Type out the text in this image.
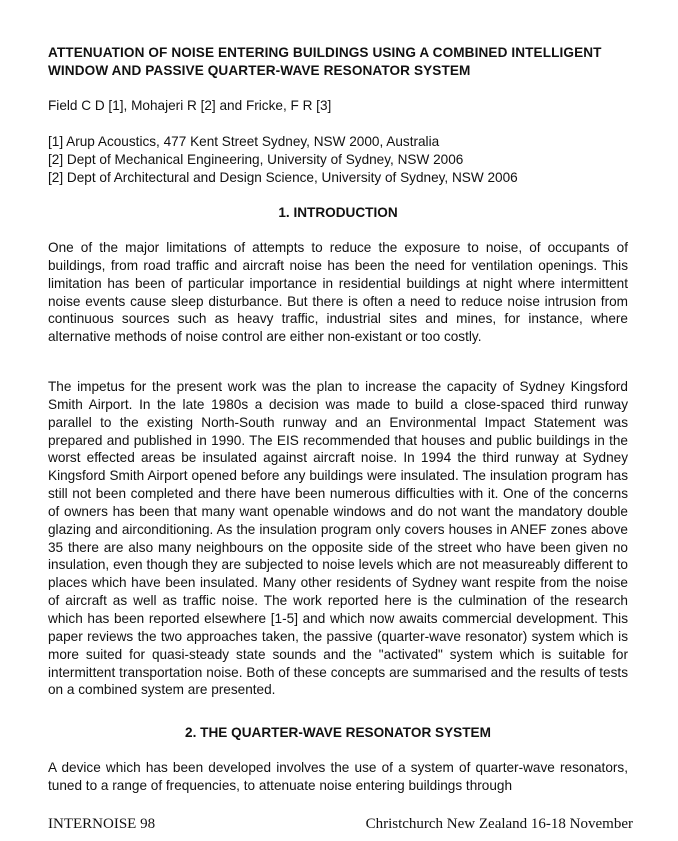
ATTENUATION OF NOISE ENTERING BUILDINGS USING A COMBINED INTELLIGENT WINDOW AND PASSIVE QUARTER-WAVE RESONATOR SYSTEM
Field C D [1], Mohajeri R [2] and Fricke, F R [3]
[1] Arup Acoustics, 477 Kent Street Sydney, NSW 2000, Australia
[2] Dept of Mechanical Engineering, University of Sydney, NSW 2006
[2] Dept of Architectural and Design Science, University of Sydney, NSW 2006
1. INTRODUCTION
One of the major limitations of attempts to reduce the exposure to noise, of occupants of buildings, from road traffic and aircraft noise has been the need for ventilation openings. This limitation has been of particular importance in residential buildings at night where intermittent noise events cause sleep disturbance. But there is often a need to reduce noise intrusion from continuous sources such as heavy traffic, industrial sites and mines, for instance, where alternative methods of noise control are either non-existant or too costly.
The impetus for the present work was the plan to increase the capacity of Sydney Kingsford Smith Airport. In the late 1980s a decision was made to build a close-spaced third runway parallel to the existing North-South runway and an Environmental Impact Statement was prepared and published in 1990. The EIS recommended that houses and public buildings in the worst effected areas be insulated against aircraft noise. In 1994 the third runway at Sydney Kingsford Smith Airport opened before any buildings were insulated. The insulation program has still not been completed and there have been numerous difficulties with it. One of the concerns of owners has been that many want openable windows and do not want the mandatory double glazing and airconditioning. As the insulation program only covers houses in ANEF zones above 35 there are also many neighbours on the opposite side of the street who have been given no insulation, even though they are subjected to noise levels which are not measureably different to places which have been insulated. Many other residents of Sydney want respite from the noise of aircraft as well as traffic noise. The work reported here is the culmination of the research which has been reported elsewhere [1-5] and which now awaits commercial development. This paper reviews the two approaches taken, the passive (quarter-wave resonator) system which is more suited for quasi-steady state sounds and the "activated" system which is suitable for intermittent transportation noise. Both of these concepts are summarised and the results of tests on a combined system are presented.
2. THE QUARTER-WAVE RESONATOR SYSTEM
A device which has been developed involves the use of a system of quarter-wave resonators, tuned to a range of frequencies, to attenuate noise entering buildings through
INTERNOISE 98	Christchurch New Zealand 16-18 November
